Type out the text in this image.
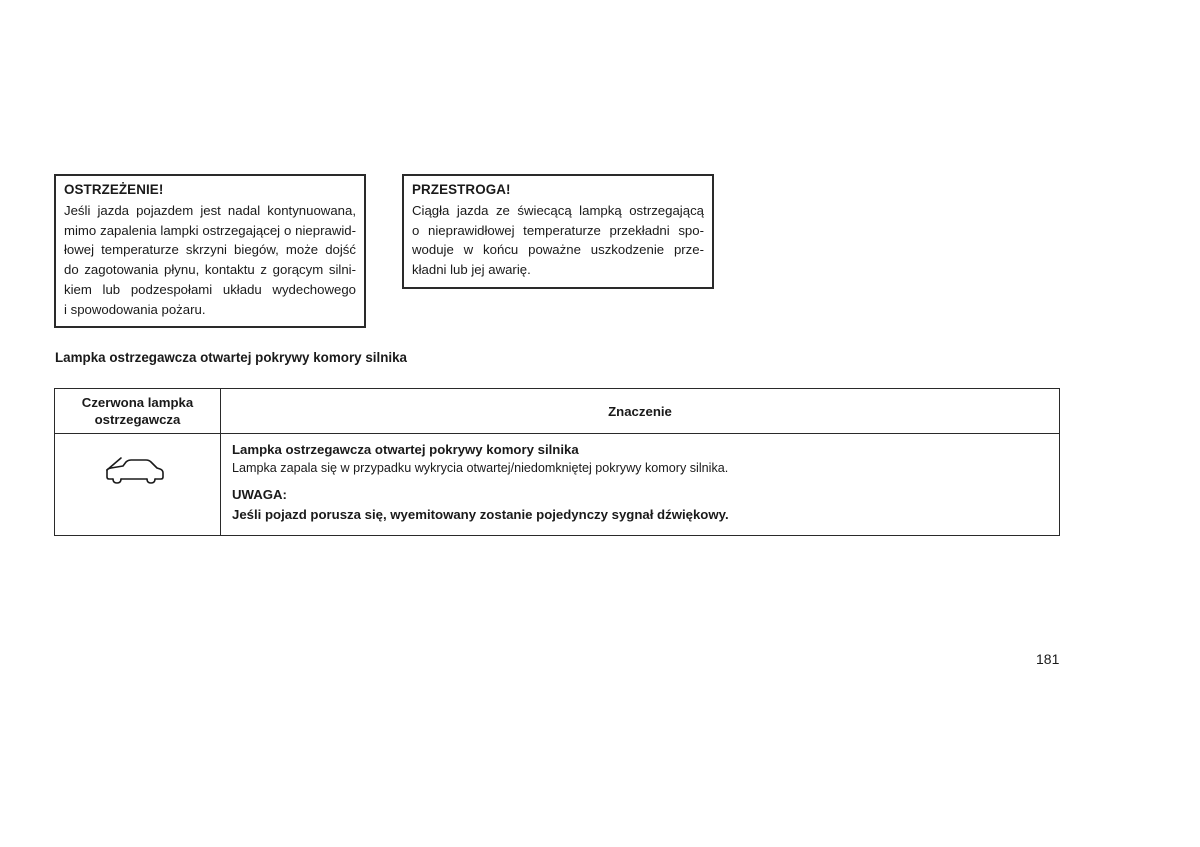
OSTRZEŻENIE!
Jeśli jazda pojazdem jest nadal kontynuowana,
mimo zapalenia lampki ostrzegającej o nieprawid-
łowej temperaturze skrzyni biegów, może dojść
do zagotowania płynu, kontaktu z gorącym silni-
kiem lub podzespołami układu wydechowego
i spowodowania pożaru.
PRZESTROGA!
Ciągła jazda ze świecącą lampką ostrzegającą
o nieprawidłowej temperaturze przekładni spo-
woduje w końcu poważne uszkodzenie prze-
kładni lub jej awarię.
Lampka ostrzegawcza otwartej pokrywy komory silnika
Czerwona lampka
ostrzegawcza
Znaczenie
Lampka ostrzegawcza otwartej pokrywy komory silnika
Lampka zapala się w przypadku wykrycia otwartej/niedomkniętej pokrywy komory silnika.
UWAGA:
Jeśli pojazd porusza się, wyemitowany zostanie pojedynczy sygnał dźwiękowy.
181
